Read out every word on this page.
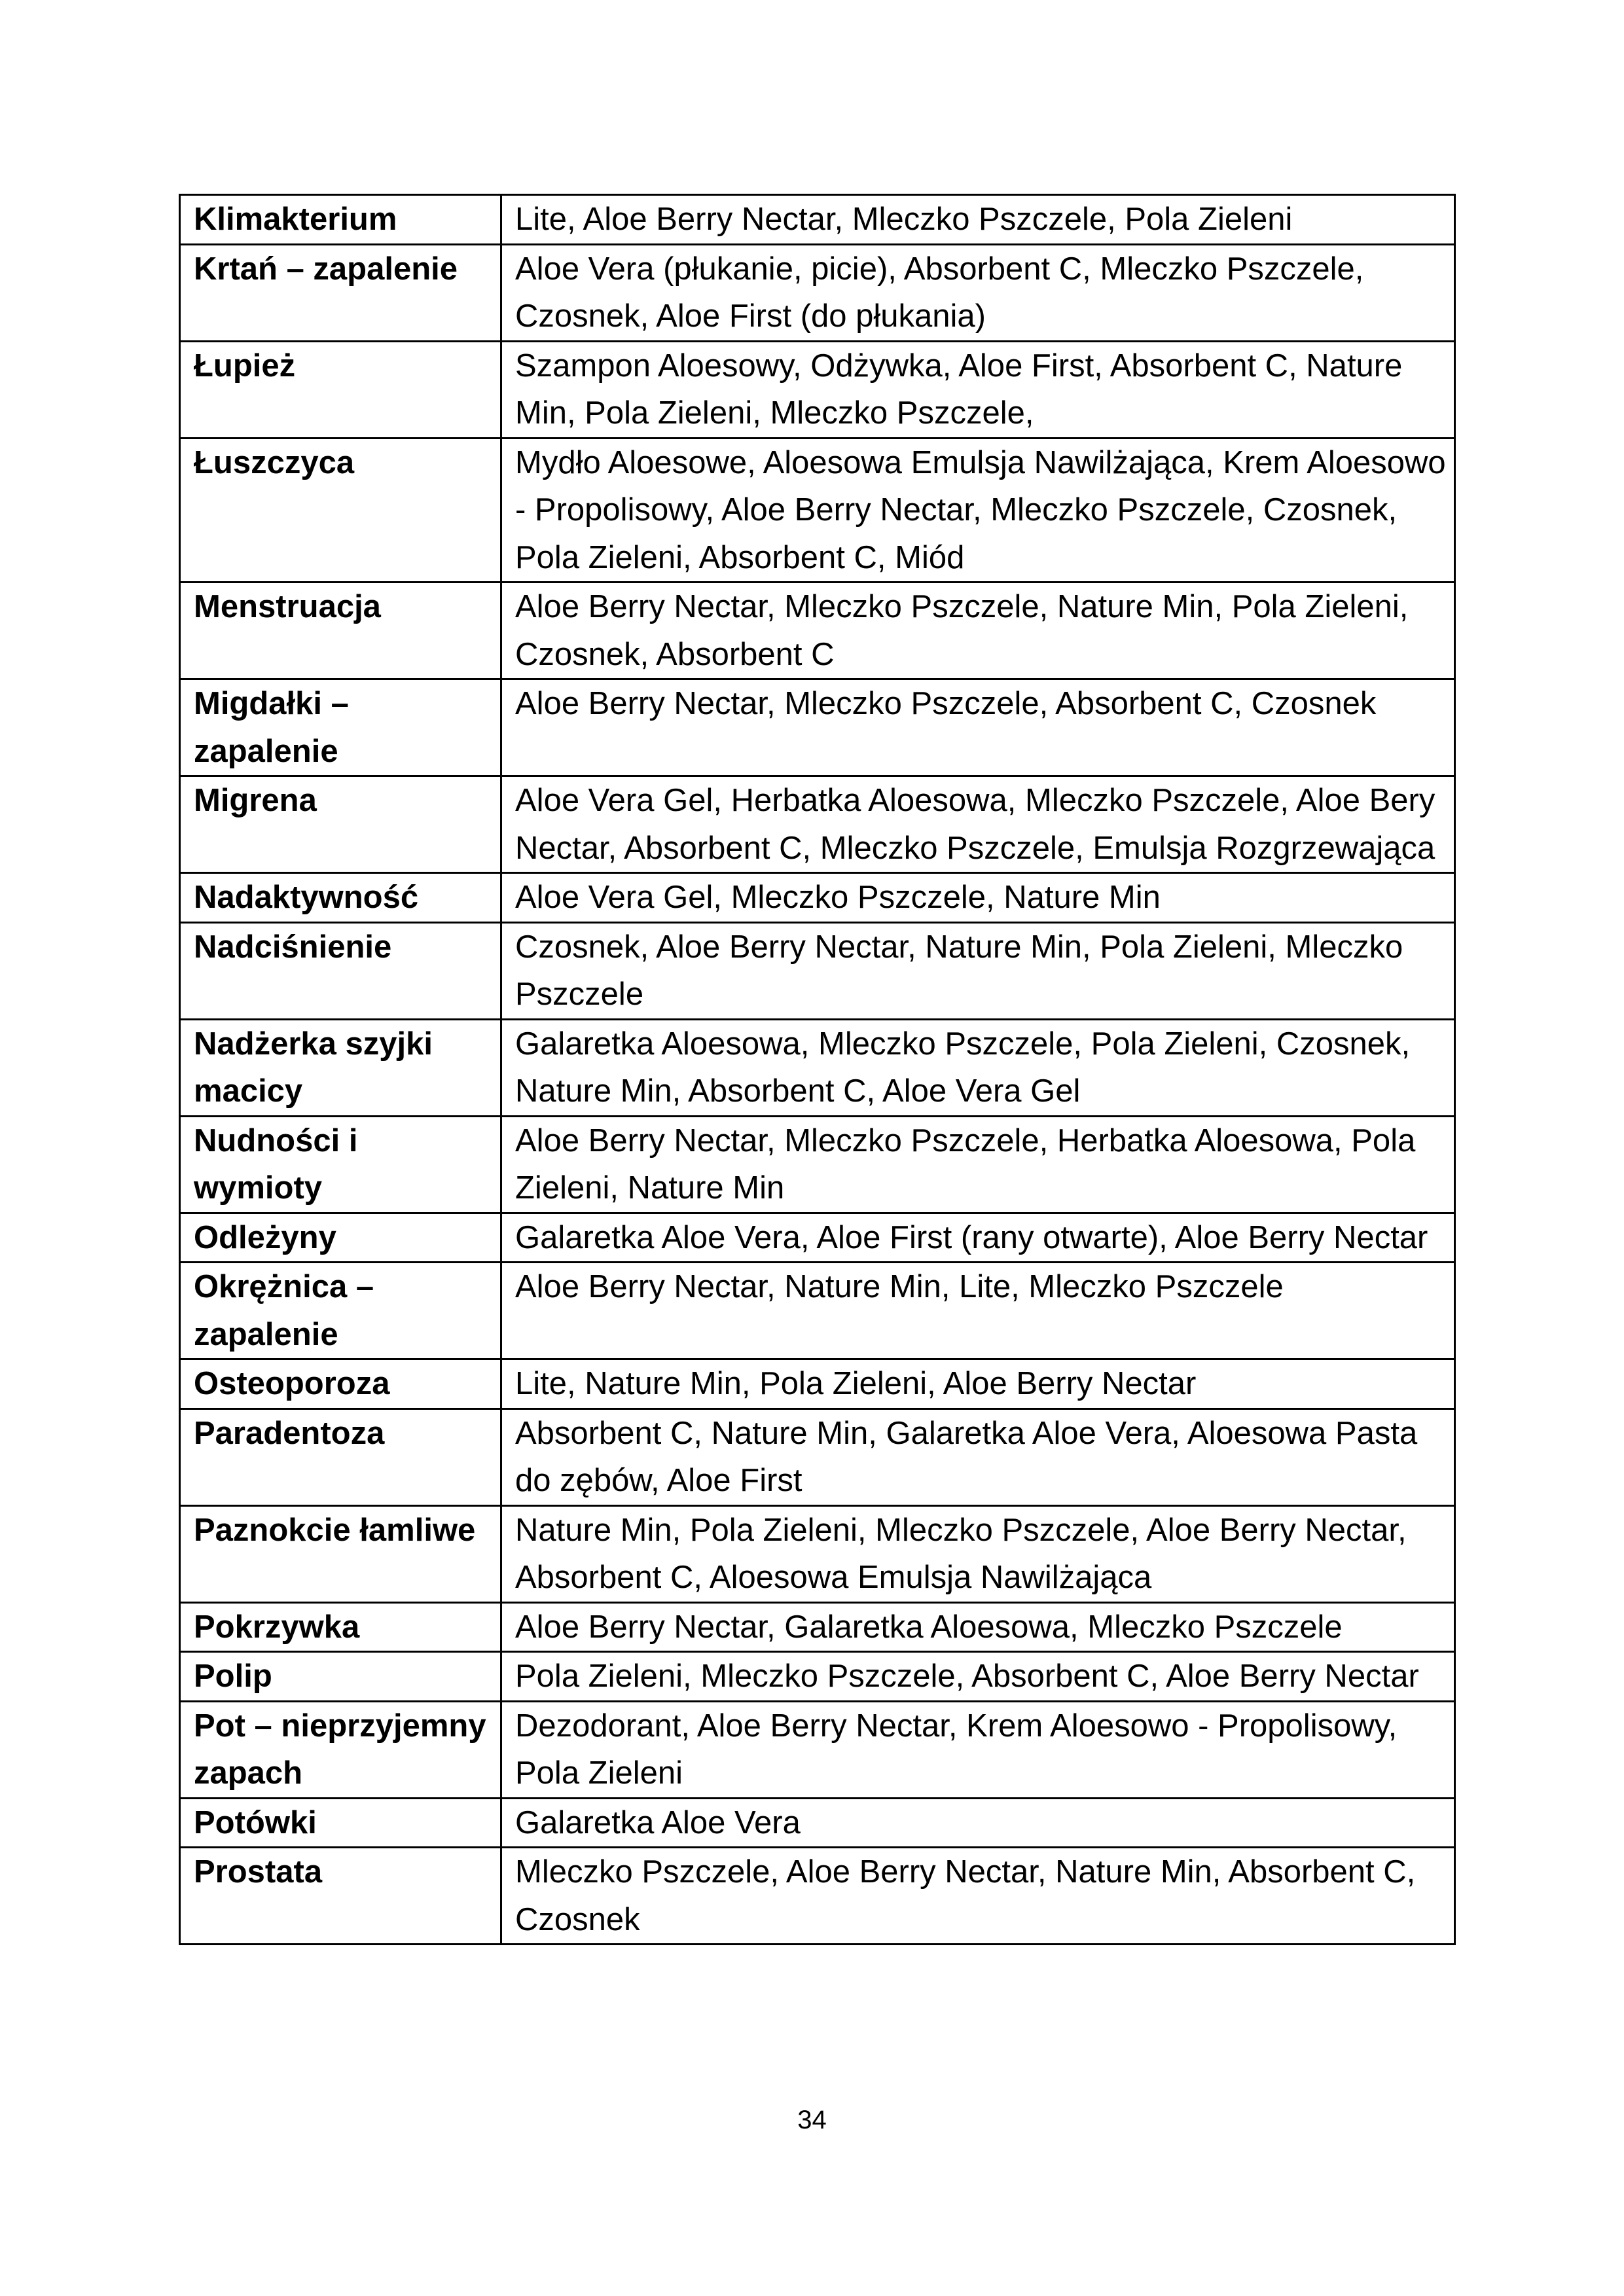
Klimakterium	Lite, Aloe Berry Nectar, Mleczko Pszczele, Pola Zieleni
Krtań – zapalenie	Aloe Vera (płukanie, picie), Absorbent C, Mleczko Pszczele, Czosnek, Aloe First (do płukania)
Łupież	Szampon Aloesowy, Odżywka, Aloe First, Absorbent C, Nature Min, Pola Zieleni, Mleczko Pszczele,
Łuszczyca	Mydło Aloesowe, Aloesowa Emulsja Nawilżająca, Krem Aloesowo - Propolisowy, Aloe Berry Nectar, Mleczko Pszczele, Czosnek, Pola Zieleni, Absorbent C, Miód
Menstruacja	Aloe Berry Nectar, Mleczko Pszczele, Nature Min, Pola Zieleni, Czosnek, Absorbent C
Migdałki – zapalenie	Aloe Berry Nectar, Mleczko Pszczele, Absorbent C, Czosnek
Migrena	Aloe Vera Gel, Herbatka Aloesowa, Mleczko Pszczele, Aloe Bery Nectar, Absorbent C, Mleczko Pszczele, Emulsja Rozgrzewająca
Nadaktywność	Aloe Vera Gel, Mleczko Pszczele, Nature Min
Nadciśnienie	Czosnek, Aloe Berry Nectar, Nature Min, Pola Zieleni, Mleczko Pszczele
Nadżerka szyjki macicy	Galaretka Aloesowa, Mleczko Pszczele, Pola Zieleni, Czosnek, Nature Min, Absorbent C, Aloe Vera Gel
Nudności i wymioty	Aloe Berry Nectar, Mleczko Pszczele, Herbatka Aloesowa, Pola Zieleni, Nature Min
Odleżyny	Galaretka Aloe Vera, Aloe First (rany otwarte), Aloe Berry Nectar
Okrężnica – zapalenie	Aloe Berry Nectar, Nature Min, Lite, Mleczko Pszczele
Osteoporoza	Lite, Nature Min, Pola Zieleni, Aloe Berry Nectar
Paradentoza	Absorbent C, Nature Min, Galaretka Aloe Vera, Aloesowa Pasta do zębów, Aloe First
Paznokcie łamliwe	Nature Min, Pola Zieleni, Mleczko Pszczele, Aloe Berry Nectar, Absorbent C, Aloesowa Emulsja Nawilżająca
Pokrzywka	Aloe Berry Nectar, Galaretka Aloesowa, Mleczko Pszczele
Polip	Pola Zieleni, Mleczko Pszczele, Absorbent C, Aloe Berry Nectar
Pot – nieprzyjemny zapach	Dezodorant, Aloe Berry Nectar, Krem Aloesowo - Propolisowy, Pola Zieleni
Potówki	Galaretka Aloe Vera
Prostata	Mleczko Pszczele, Aloe Berry Nectar, Nature Min, Absorbent C, Czosnek
34
